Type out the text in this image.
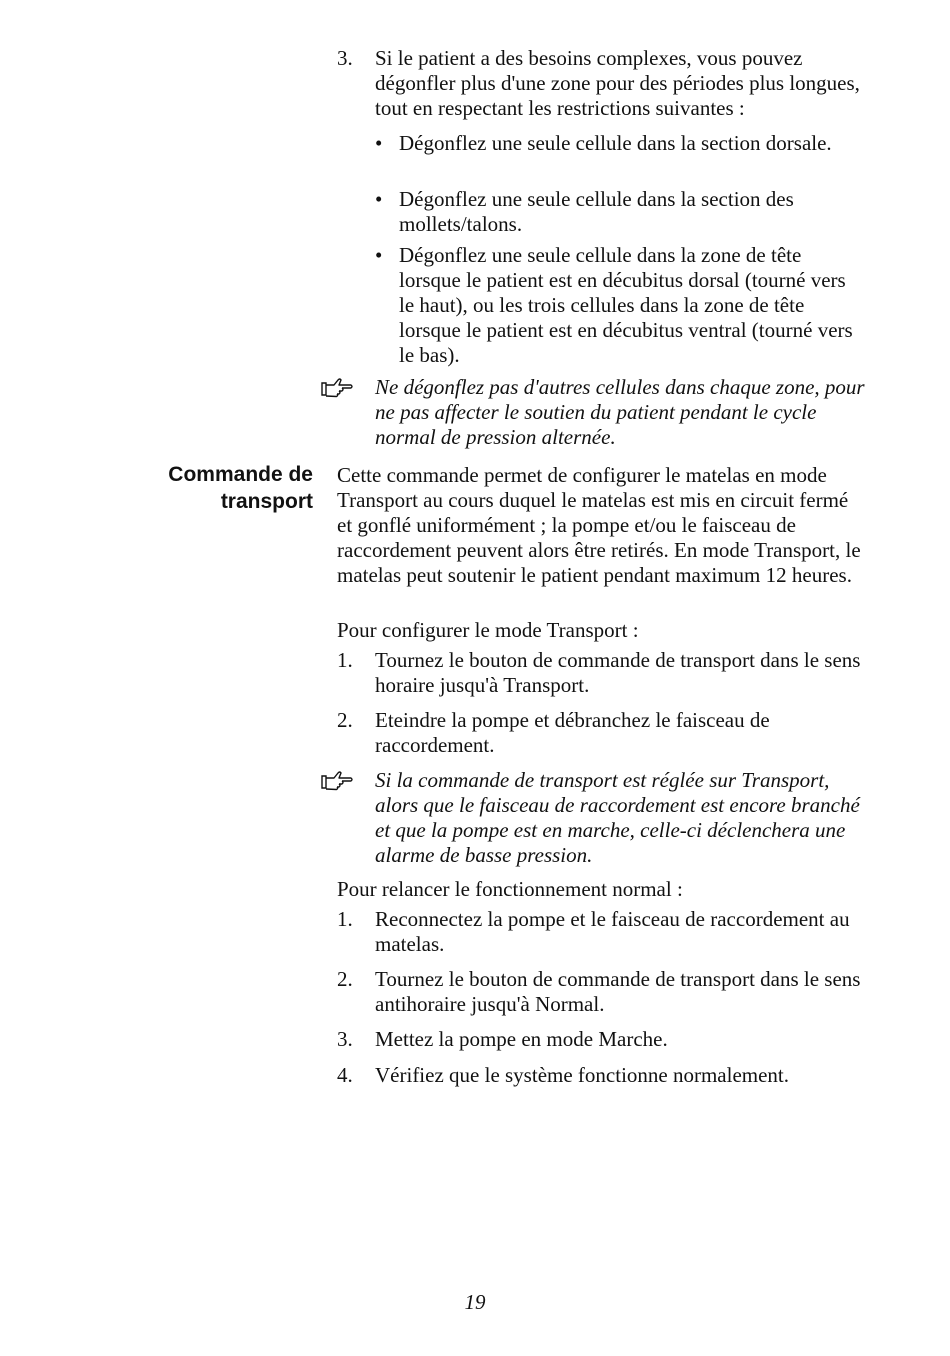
3.	Si le patient a des besoins complexes, vous pouvez dégonfler plus d'une zone pour des périodes plus longues, tout en respectant les restrictions suivantes :
• Dégonflez une seule cellule dans la section dorsale.
• Dégonflez une seule cellule dans la section des mollets/talons.
• Dégonflez une seule cellule dans la zone de tête lorsque le patient est en décubitus dorsal (tourné vers le haut), ou les trois cellules dans la zone de tête lorsque le patient est en décubitus ventral (tourné vers le bas).
Ne dégonflez pas d'autres cellules dans chaque zone, pour ne pas affecter le soutien du patient pendant le cycle normal de pression alternée.
Commande de
transport
Cette commande permet de configurer le matelas en mode Transport au cours duquel le matelas est mis en circuit fermé et gonflé uniformément ; la pompe et/ou le faisceau de raccordement peuvent alors être retirés. En mode Transport, le matelas peut soutenir le patient pendant maximum 12 heures.
Pour configurer le mode Transport :
1.	Tournez le bouton de commande de transport dans le sens horaire jusqu'à Transport.
2.	Eteindre la pompe et débranchez le faisceau de raccordement.
Si la commande de transport est réglée sur Transport, alors que le faisceau de raccordement est encore branché et que la pompe est en marche, celle-ci déclenchera une alarme de basse pression.
Pour relancer le fonctionnement normal :
1.	Reconnectez la pompe et le faisceau de raccordement au matelas.
2.	Tournez le bouton de commande de transport dans le sens antihoraire jusqu'à Normal.
3.	Mettez la pompe en mode Marche.
4.	Vérifiez que le système fonctionne normalement.
19
